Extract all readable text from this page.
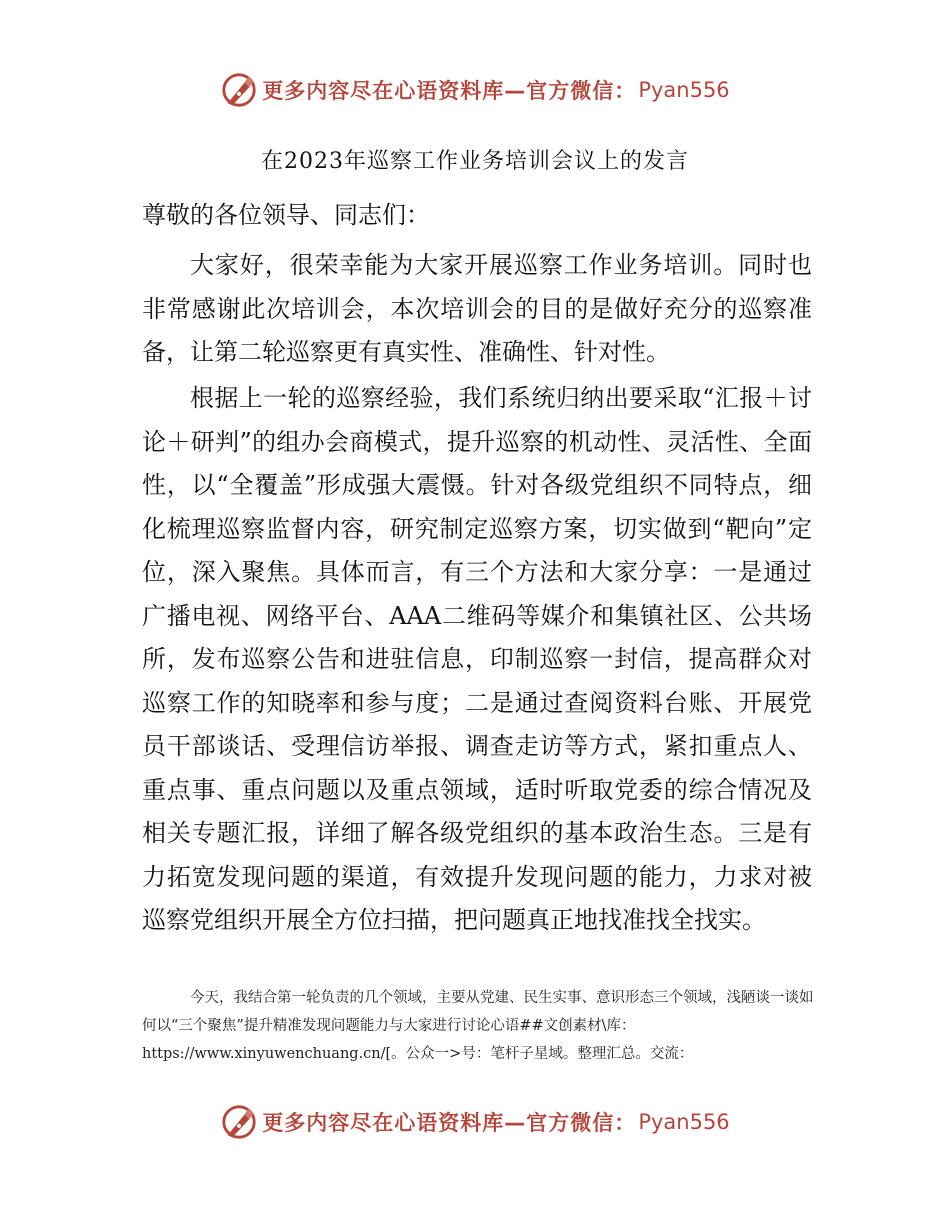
更多内容尽在心语资料库—官方微信： Pyan556
在2023年巡察工作业务培训会议上的发言
尊敬的各位领导、同志们：
大家好，很荣幸能为大家开展巡察工作业务培训。同时也非常感谢此次培训会，本次培训会的目的是做好充分的巡察准备，让第二轮巡察更有真实性、准确性、针对性。
根据上一轮的巡察经验，我们系统归纳出要采取“汇报＋讨论＋研判”的组办会商模式，提升巡察的机动性、灵活性、全面性，以“全覆盖”形成强大震慑。针对各级党组织不同特点，细化梳理巡察监督内容，研究制定巡察方案，切实做到“靶向”定位，深入聚焦。具体而言，有三个方法和大家分享：一是通过广播电视、网络平台、AAA二维码等媒介和集镇社区、公共场所，发布巡察公告和进驻信息，印制巡察一封信，提高群众对巡察工作的知晓率和参与度；二是通过查阅资料台账、开展党员干部谈话、受理信访举报、调查走访等方式，紧扣重点人、重点事、重点问题以及重点领域，适时听取党委的综合情况及相关专题汇报，详细了解各级党组织的基本政治生态。三是有力拓宽发现问题的渠道，有效提升发现问题的能力，力求对被巡察党组织开展全方位扫描，把问题真正地找准找全找实。
今天，我结合第一轮负责的几个领域，主要从党建、民生实事、意识形态三个领域，浅陋谈一谈如何以“三个聚焦”提升精准发现问题能力与大家进行讨论心语##文创素材\库：https://www.xinyuwenchuang.cn/[。公众一>号：笔杆子星域。整理汇总。交流：
更多内容尽在心语资料库—官方微信： Pyan556
